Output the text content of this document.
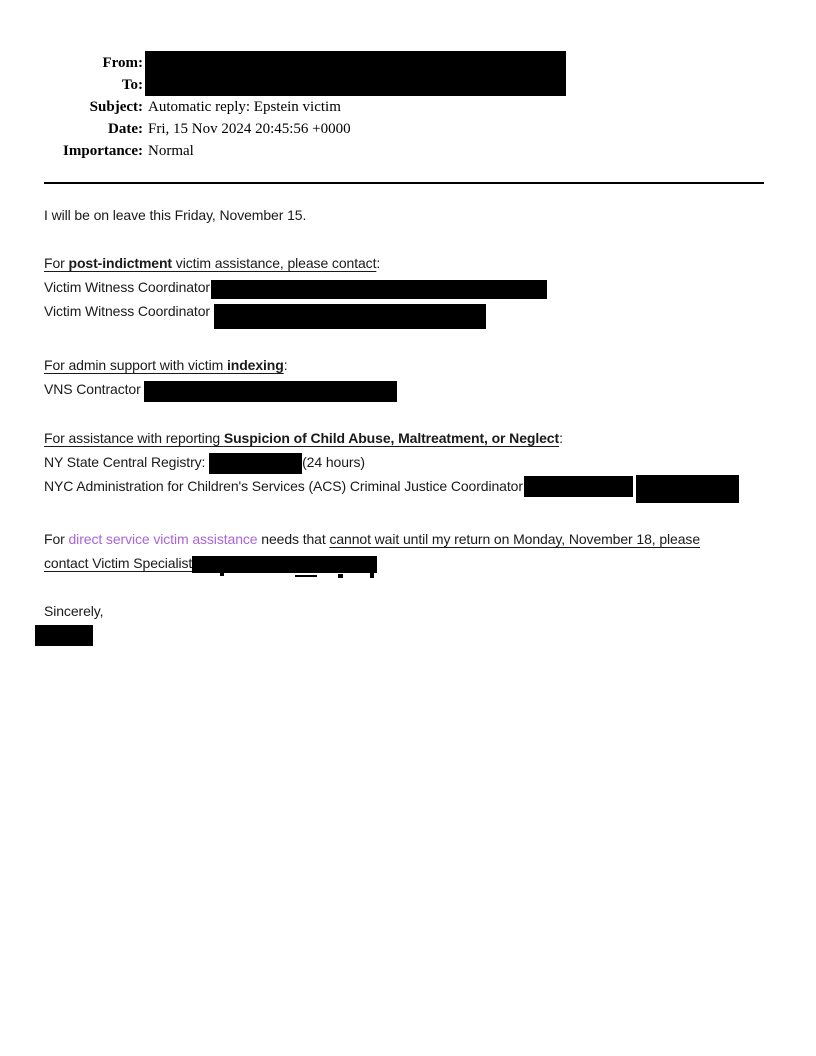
From:
To:
Subject: Automatic reply: Epstein victim
Date: Fri, 15 Nov 2024 20:45:56 +0000
Importance: Normal

I will be on leave this Friday, November 15.

For post-indictment victim assistance, please contact:
Victim Witness Coordinator
Victim Witness Coordinator

For admin support with victim indexing:
VNS Contractor

For assistance with reporting Suspicion of Child Abuse, Maltreatment, or Neglect:
NY State Central Registry:	(24 hours)
NYC Administration for Children's Services (ACS) Criminal Justice Coordinator

For direct service victim assistance needs that cannot wait until my return on Monday, November 18, please
contact Victim Specialist

Sincerely,
